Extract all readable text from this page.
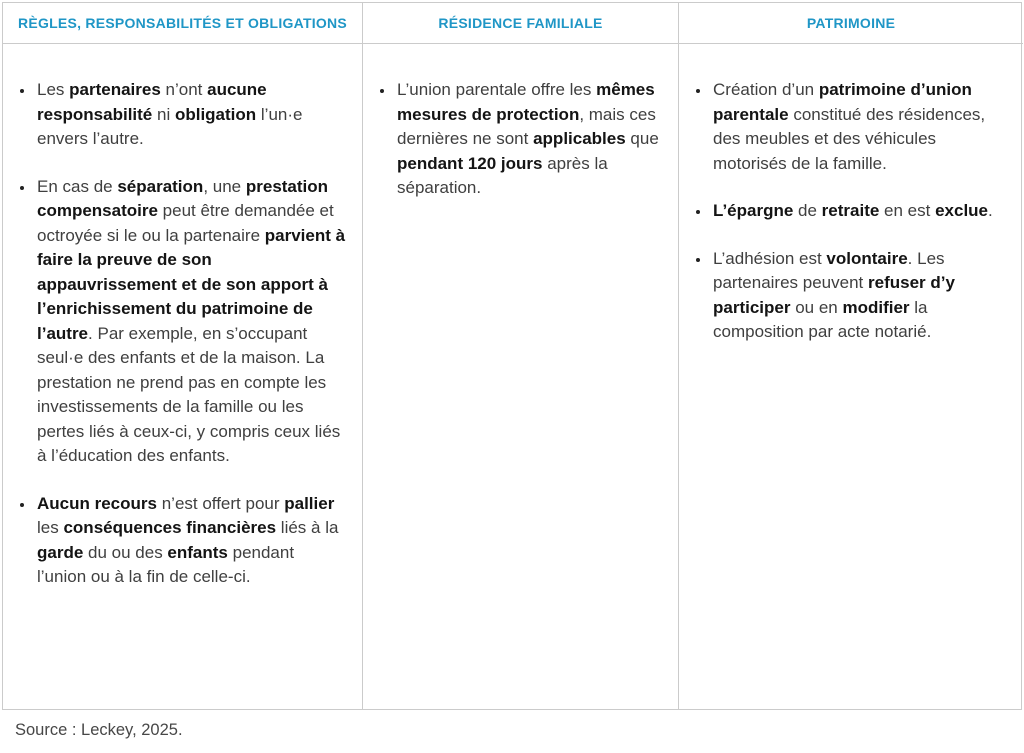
RÈGLES, RESPONSABILITÉS ET OBLIGATIONS	RÉSIDENCE FAMILIALE	PATRIMOINE
• Les partenaires n’ont aucune responsabilité ni obligation l’un·e envers l’autre.
• En cas de séparation, une prestation compensatoire peut être demandée et octroyée si le ou la partenaire parvient à faire la preuve de son appauvrissement et de son apport à l’enrichissement du patrimoine de l’autre. Par exemple, en s’occupant seul·e des enfants et de la maison. La prestation ne prend pas en compte les investissements de la famille ou les pertes liés à ceux-ci, y compris ceux liés à l’éducation des enfants.
• Aucun recours n’est offert pour pallier les conséquences financières liés à la garde du ou des enfants pendant l’union ou à la fin de celle-ci.
• L’union parentale offre les mêmes mesures de protection, mais ces dernières ne sont applicables que pendant 120 jours après la séparation.
• Création d’un patrimoine d’union parentale constitué des résidences, des meubles et des véhicules motorisés de la famille.
• L’épargne de retraite en est exclue.
• L’adhésion est volontaire. Les partenaires peuvent refuser d’y participer ou en modifier la composition par acte notarié.
Source : Leckey, 2025.
